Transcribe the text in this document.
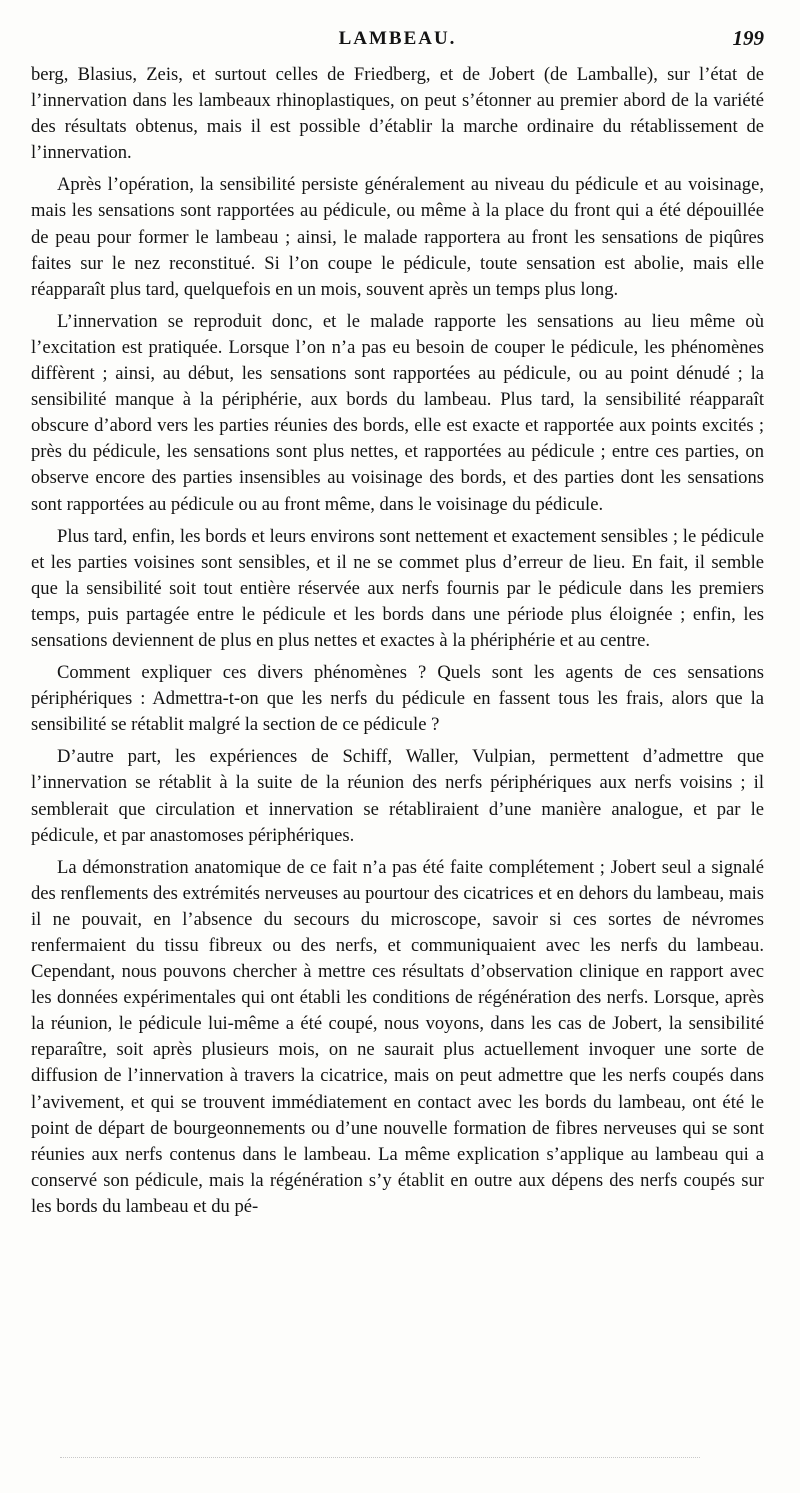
LAMBEAU.	199

berg, Blasius, Zeis, et surtout celles de Friedberg, et de Jobert (de Lamballe), sur l’état de l’innervation dans les lambeaux rhinoplastiques, on peut s’étonner au premier abord de la variété des résultats obtenus, mais il est possible d’établir la marche ordinaire du rétablissement de l’innervation.

Après l’opération, la sensibilité persiste généralement au niveau du pédicule et au voisinage, mais les sensations sont rapportées au pédicule, ou même à la place du front qui a été dépouillée de peau pour former le lambeau ; ainsi, le malade rapportera au front les sensations de piqûres faites sur le nez reconstitué. Si l’on coupe le pédicule, toute sensation est abolie, mais elle réapparaît plus tard, quelquefois en un mois, souvent après un temps plus long.

L’innervation se reproduit donc, et le malade rapporte les sensations au lieu même où l’excitation est pratiquée. Lorsque l’on n’a pas eu besoin de couper le pédicule, les phénomènes diffèrent ; ainsi, au début, les sensations sont rapportées au pédicule, ou au point dénudé ; la sensibilité manque à la périphérie, aux bords du lambeau. Plus tard, la sensibilité réapparaît obscure d’abord vers les parties réunies des bords, elle est exacte et rapportée aux points excités ; près du pédicule, les sensations sont plus nettes, et rapportées au pédicule ; entre ces parties, on observe encore des parties insensibles au voisinage des bords, et des parties dont les sensations sont rapportées au pédicule ou au front même, dans le voisinage du pédicule.

Plus tard, enfin, les bords et leurs environs sont nettement et exactement sensibles ; le pédicule et les parties voisines sont sensibles, et il ne se commet plus d’erreur de lieu. En fait, il semble que la sensibilité soit tout entière réservée aux nerfs fournis par le pédicule dans les premiers temps, puis partagée entre le pédicule et les bords dans une période plus éloignée ; enfin, les sensations deviennent de plus en plus nettes et exactes à la phériphérie et au centre.

Comment expliquer ces divers phénomènes ? Quels sont les agents de ces sensations périphériques : Admettra-t-on que les nerfs du pédicule en fassent tous les frais, alors que la sensibilité se rétablit malgré la section de ce pédicule ?

D’autre part, les expériences de Schiff, Waller, Vulpian, permettent d’admettre que l’innervation se rétablit à la suite de la réunion des nerfs périphériques aux nerfs voisins ; il semblerait que circulation et innervation se rétabliraient d’une manière analogue, et par le pédicule, et par anastomoses périphériques.

La démonstration anatomique de ce fait n’a pas été faite complétement ; Jobert seul a signalé des renflements des extrémités nerveuses au pourtour des cicatrices et en dehors du lambeau, mais il ne pouvait, en l’absence du secours du microscope, savoir si ces sortes de névromes renfermaient du tissu fibreux ou des nerfs, et communiquaient avec les nerfs du lambeau. Cependant, nous pouvons chercher à mettre ces résultats d’observation clinique en rapport avec les données expérimentales qui ont établi les conditions de régénération des nerfs. Lorsque, après la réunion, le pédicule lui-même a été coupé, nous voyons, dans les cas de Jobert, la sensibilité reparaître, soit après plusieurs mois, on ne saurait plus actuellement invoquer une sorte de diffusion de l’innervation à travers la cicatrice, mais on peut admettre que les nerfs coupés dans l’avivement, et qui se trouvent immédiatement en contact avec les bords du lambeau, ont été le point de départ de bourgeonnements ou d’une nouvelle formation de fibres nerveuses qui se sont réunies aux nerfs contenus dans le lambeau. La même explication s’applique au lambeau qui a conservé son pédicule, mais la régénération s’y établit en outre aux dépens des nerfs coupés sur les bords du lambeau et du pé-
